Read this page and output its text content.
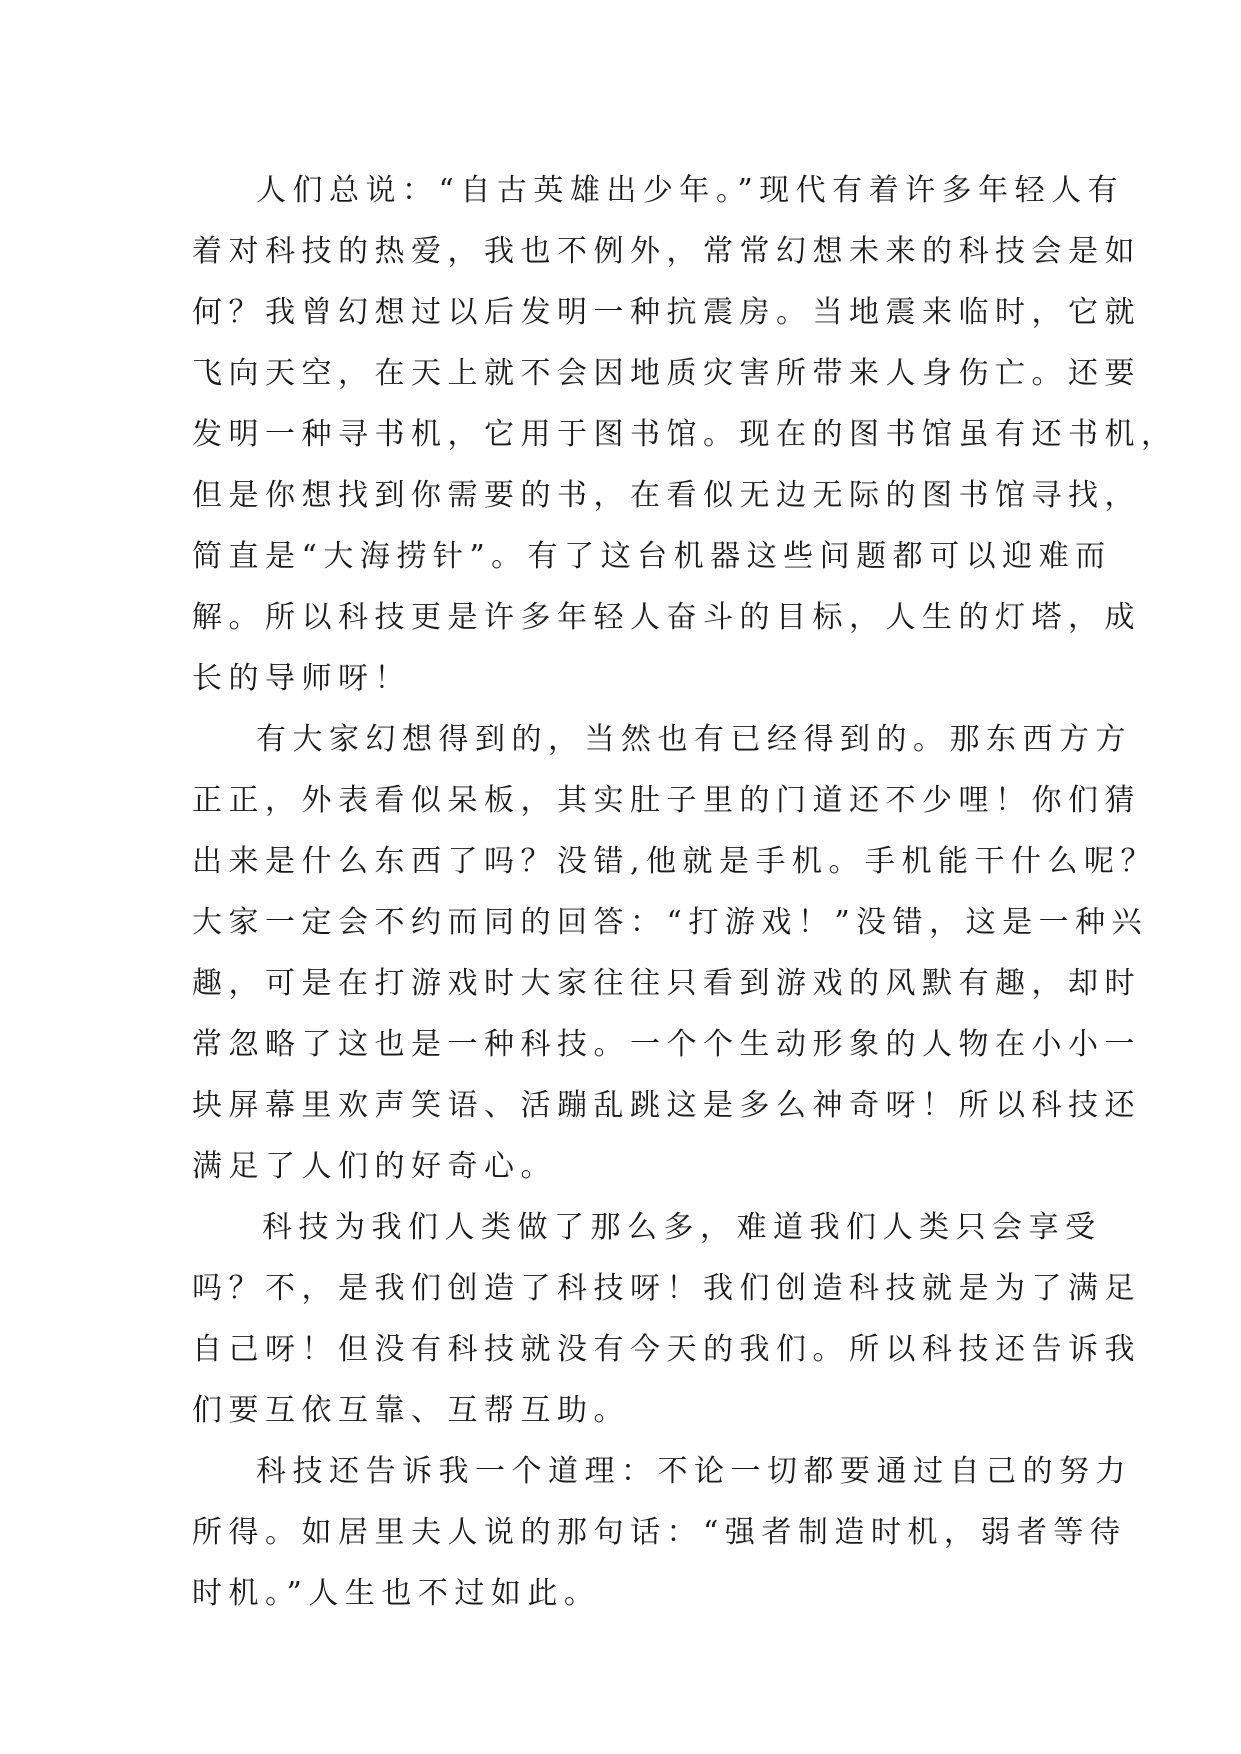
人们总说：“自古英雄出少年。”现代有着许多年轻人有
着对科技的热爱，我也不例外，常常幻想未来的科技会是如
何？我曾幻想过以后发明一种抗震房。当地震来临时，它就
飞向天空，在天上就不会因地质灾害所带来人身伤亡。还要
发明一种寻书机，它用于图书馆。现在的图书馆虽有还书机，
但是你想找到你需要的书，在看似无边无际的图书馆寻找，
简直是“大海捞针”。有了这台机器这些问题都可以迎难而
解。所以科技更是许多年轻人奋斗的目标，人生的灯塔，成
长的导师呀！
有大家幻想得到的，当然也有已经得到的。那东西方方
正正，外表看似呆板，其实肚子里的门道还不少哩！你们猜
出来是什么东西了吗？没错,他就是手机。手机能干什么呢？
大家一定会不约而同的回答：“打游戏！”没错，这是一种兴
趣，可是在打游戏时大家往往只看到游戏的风默有趣，却时
常忽略了这也是一种科技。一个个生动形象的人物在小小一
块屏幕里欢声笑语、活蹦乱跳这是多么神奇呀！所以科技还
满足了人们的好奇心。
科技为我们人类做了那么多，难道我们人类只会享受
吗？不，是我们创造了科技呀！我们创造科技就是为了满足
自己呀！但没有科技就没有今天的我们。所以科技还告诉我
们要互依互靠、互帮互助。
科技还告诉我一个道理：不论一切都要通过自己的努力
所得。如居里夫人说的那句话：“强者制造时机，弱者等待
时机。”人生也不过如此。
